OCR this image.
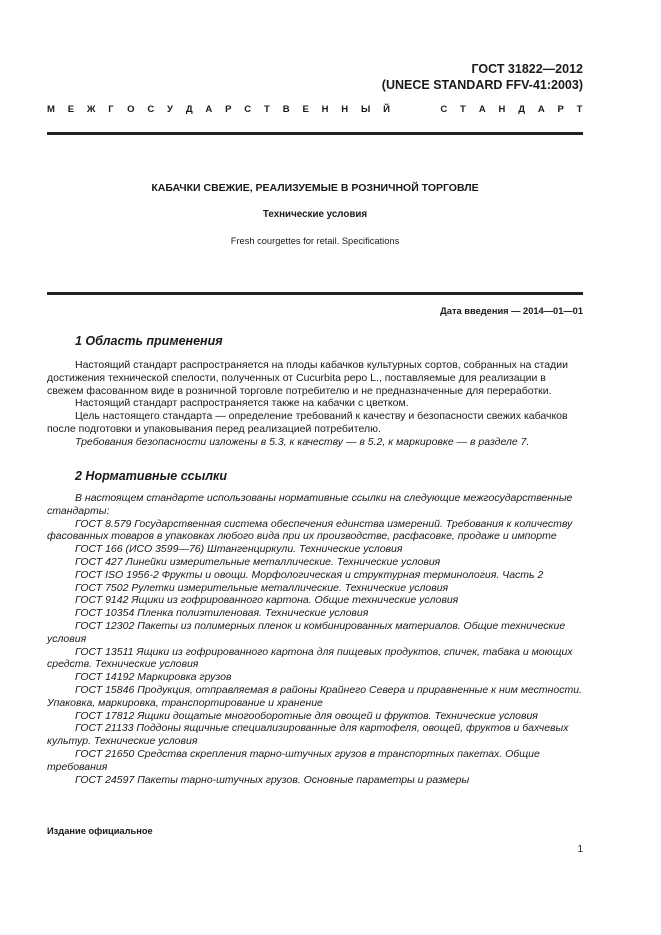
ГОСТ 31822—2012
(UNECE STANDARD FFV-41:2003)
М Е Ж Г О С У Д А Р С Т В Е Н Н Ы Й	С Т А Н Д А Р Т
КАБАЧКИ СВЕЖИЕ, РЕАЛИЗУЕМЫЕ В РОЗНИЧНОЙ ТОРГОВЛЕ
Технические условия
Fresh courgettes for retail. Specifications
Дата введения — 2014—01—01
1 Область применения

Настоящий стандарт распространяется на плоды кабачков культурных сортов, собранных на стадии достижения технической спелости, полученных от Cucurbita pepo L., поставляемые для реализации в свежем фасованном виде в розничной торговле потребителю и не предназначенные для переработки.

Настоящий стандарт распространяется также на кабачки с цветком.

Цель настоящего стандарта — определение требований к качеству и безопасности свежих кабачков после подготовки и упаковывания перед реализацией потребителю.

Требования безопасности изложены в 5.3, к качеству — в 5.2, к маркировке — в разделе 7.

2 Нормативные ссылки

В настоящем стандарте использованы нормативные ссылки на следующие межгосударственные стандарты:

ГОСТ 8.579 Государственная система обеспечения единства измерений. Требования к количеству фасованных товаров в упаковках любого вида при их производстве, расфасовке, продаже и импорте

ГОСТ 166 (ИСО 3599—76) Штангенциркули. Технические условия

ГОСТ 427 Линейки измерительные металлические. Технические условия

ГОСТ ISO 1956-2 Фрукты и овощи. Морфологическая и структурная терминология. Часть 2

ГОСТ 7502 Рулетки измерительные металлические. Технические условия

ГОСТ 9142 Ящики из гофрированного картона. Общие технические условия

ГОСТ 10354 Пленка полиэтиленовая. Технические условия

ГОСТ 12302 Пакеты из полимерных пленок и комбинированных материалов. Общие технические условия

ГОСТ 13511 Ящики из гофрированного картона для пищевых продуктов, спичек, табака и моющих средств. Технические условия

ГОСТ 14192 Маркировка грузов

ГОСТ 15846 Продукция, отправляемая в районы Крайнего Севера и приравненные к ним местности. Упаковка, маркировка, транспортирование и хранение

ГОСТ 17812 Ящики дощатые многооборотные для овощей и фруктов. Технические условия

ГОСТ 21133 Поддоны ящичные специализированные для картофеля, овощей, фруктов и бахчевых культур. Технические условия

ГОСТ 21650 Средства скрепления тарно-штучных грузов в транспортных пакетах. Общие требования

ГОСТ 24597 Пакеты тарно-штучных грузов. Основные параметры и размеры

Издание официальное
1
